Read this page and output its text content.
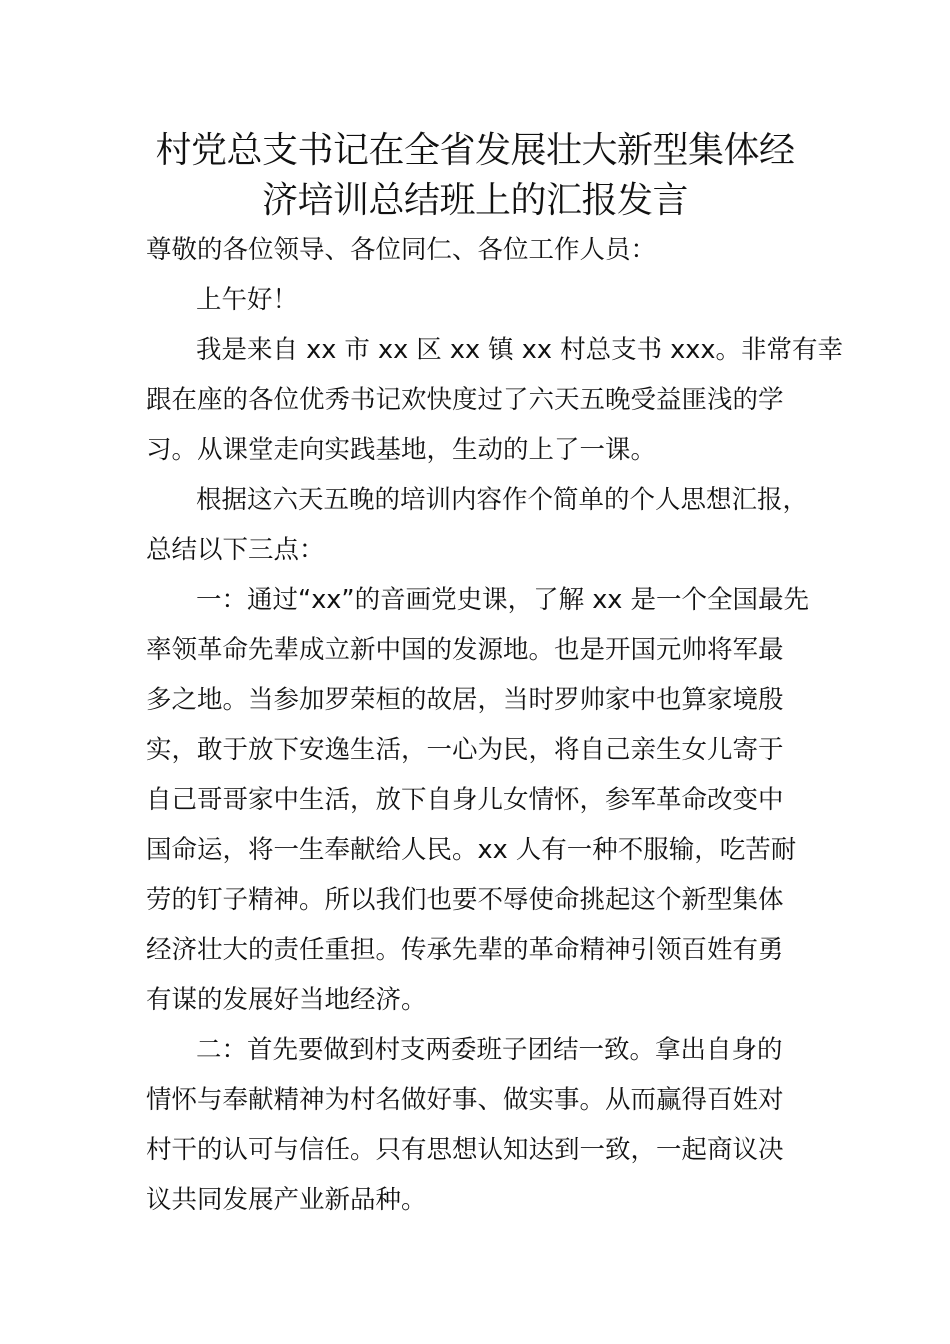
村党总支书记在全省发展壮大新型集体经
济培训总结班上的汇报发言
尊敬的各位领导、各位同仁、各位工作人员：
上午好！
我是来自 xx 市 xx 区 xx 镇 xx 村总支书 xxx。非常有幸
跟在座的各位优秀书记欢快度过了六天五晚受益匪浅的学
习。从课堂走向实践基地，生动的上了一课。
根据这六天五晚的培训内容作个简单的个人思想汇报，
总结以下三点：
一：通过“xx”的音画党史课，了解 xx 是一个全国最先
率领革命先辈成立新中国的发源地。也是开国元帅将军最
多之地。当参加罗荣桓的故居，当时罗帅家中也算家境殷
实，敢于放下安逸生活，一心为民，将自己亲生女儿寄于
自己哥哥家中生活，放下自身儿女情怀，参军革命改变中
国命运，将一生奉献给人民。xx 人有一种不服输，吃苦耐
劳的钉子精神。所以我们也要不辱使命挑起这个新型集体
经济壮大的责任重担。传承先辈的革命精神引领百姓有勇
有谋的发展好当地经济。
二：首先要做到村支两委班子团结一致。拿出自身的
情怀与奉献精神为村名做好事、做实事。从而赢得百姓对
村干的认可与信任。只有思想认知达到一致，一起商议决
议共同发展产业新品种。
